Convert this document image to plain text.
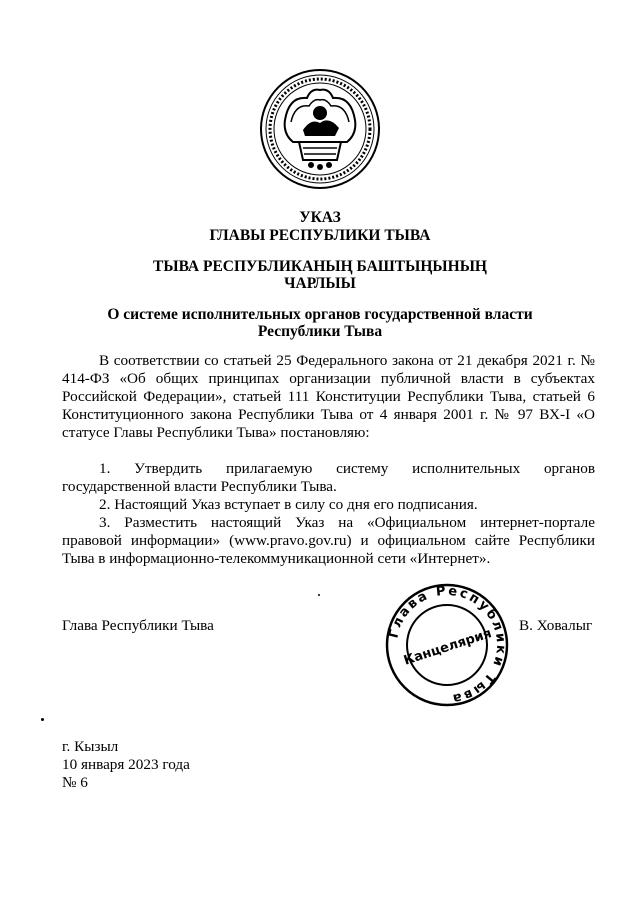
УКАЗ
ГЛАВЫ РЕСПУБЛИКИ ТЫВА
ТЫВА РЕСПУБЛИКАНЫҢ БАШТЫҢЫНЫҢ
ЧАРЛЫЫ
О системе исполнительных органов государственной власти
Республики Тыва
В соответствии со статьей 25 Федерального закона от 21 декабря 2021 г. № 414-ФЗ «Об общих принципах организации публичной власти в субъектах Российской Федерации», статьей 111 Конституции Республики Тыва, статьей 6 Конституционного закона Республики Тыва от 4 января 2001 г. № 97 ВХ-I «О статусе Главы Республики Тыва» постановляю:
1. Утвердить прилагаемую систему исполнительных органов государственной власти Республики Тыва.
2. Настоящий Указ вступает в силу со дня его подписания.
3. Разместить настоящий Указ на «Официальном интернет-портале правовой информации» (www.pravo.gov.ru) и официальном сайте Республики Тыва в информационно-телекоммуникационной сети «Интернет».
Глава Республики Тыва	Глава Республики Тыва
Канцелярия
В. Ховалыг
г. Кызыл
10 января 2023 года
№ 6
